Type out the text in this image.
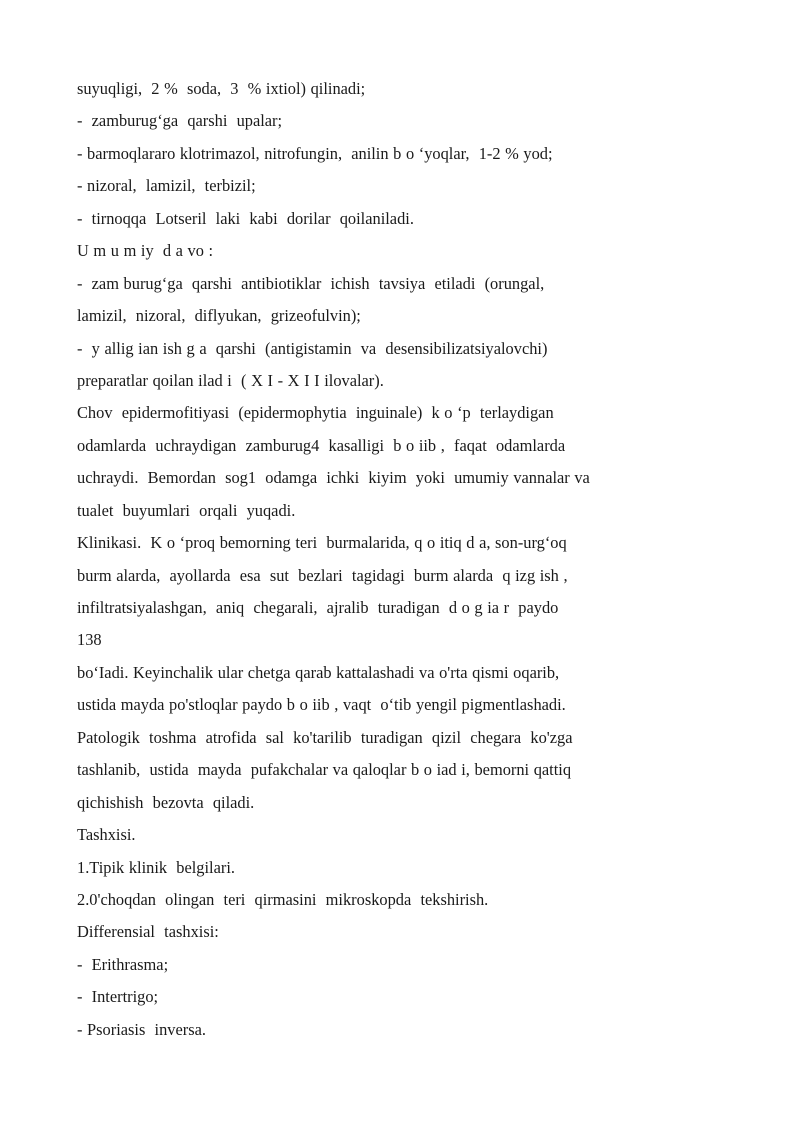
suyuqligi,  2 %  soda,  3  % ixtiol) qilinadi;
-  zamburug‘ga  qarshi  upalar;
- barmoqlararo klotrimazol, nitrofungin,  anilin b o ‘yoqlar,  1-2 % yod;
- nizoral,  lamizil,  terbizil;
-  tirnoqqa  Lotseril  laki  kabi  dorilar  qoilaniladi.
U m u m iy  d a vo :
-  zam burug‘ga  qarshi  antibiotiklar  ichish  tavsiya  etiladi  (orungal,
lamizil,  nizoral,  diflyukan,  grizeofulvin);
-  y allig ian ish g a  qarshi  (antigistamin  va  desensibilizatsiyalovchi)
preparatlar qoilan ilad i  ( X I - X I I ilovalar).
Chov  epidermofitiyasi  (epidermophytia  inguinale)  k o ‘p  terlaydigan
odamlarda  uchraydigan  zamburug4  kasalligi  b o iib ,  faqat  odamlarda
uchraydi.  Bemordan  sog1  odamga  ichki  kiyim  yoki  umumiy vannalar va
tualet  buyumlari  orqali  yuqadi.
Klinikasi.  K o ‘proq bemorning teri  burmalarida, q o itiq d a, son-urg‘oq
burm alarda,  ayollarda  esa  sut  bezlari  tagidagi  burm alarda  q izg ish ,
infiltratsiyalashgan,  aniq  chegarali,  ajralib  turadigan  d o g ia r  paydo
138
bo‘Iadi. Keyinchalik ular chetga qarab kattalashadi va o'rta qismi oqarib,
ustida mayda po'stloqlar paydo b o iib , vaqt  o‘tib yengil pigmentlashadi.
Patologik  toshma  atrofida  sal  ko'tarilib  turadigan  qizil  chegara  ko'zga
tashlanib,  ustida  mayda  pufakchalar va qaloqlar b o iad i, bemorni qattiq
qichishish  bezovta  qiladi.
Tashxisi.
1.Tipik klinik  belgilari.
2.0'choqdan  olingan  teri  qirmasini  mikroskopda  tekshirish.
Differensial  tashxisi:
-  Erithrasma;
-  Intertrigo;
- Psoriasis  inversa.
